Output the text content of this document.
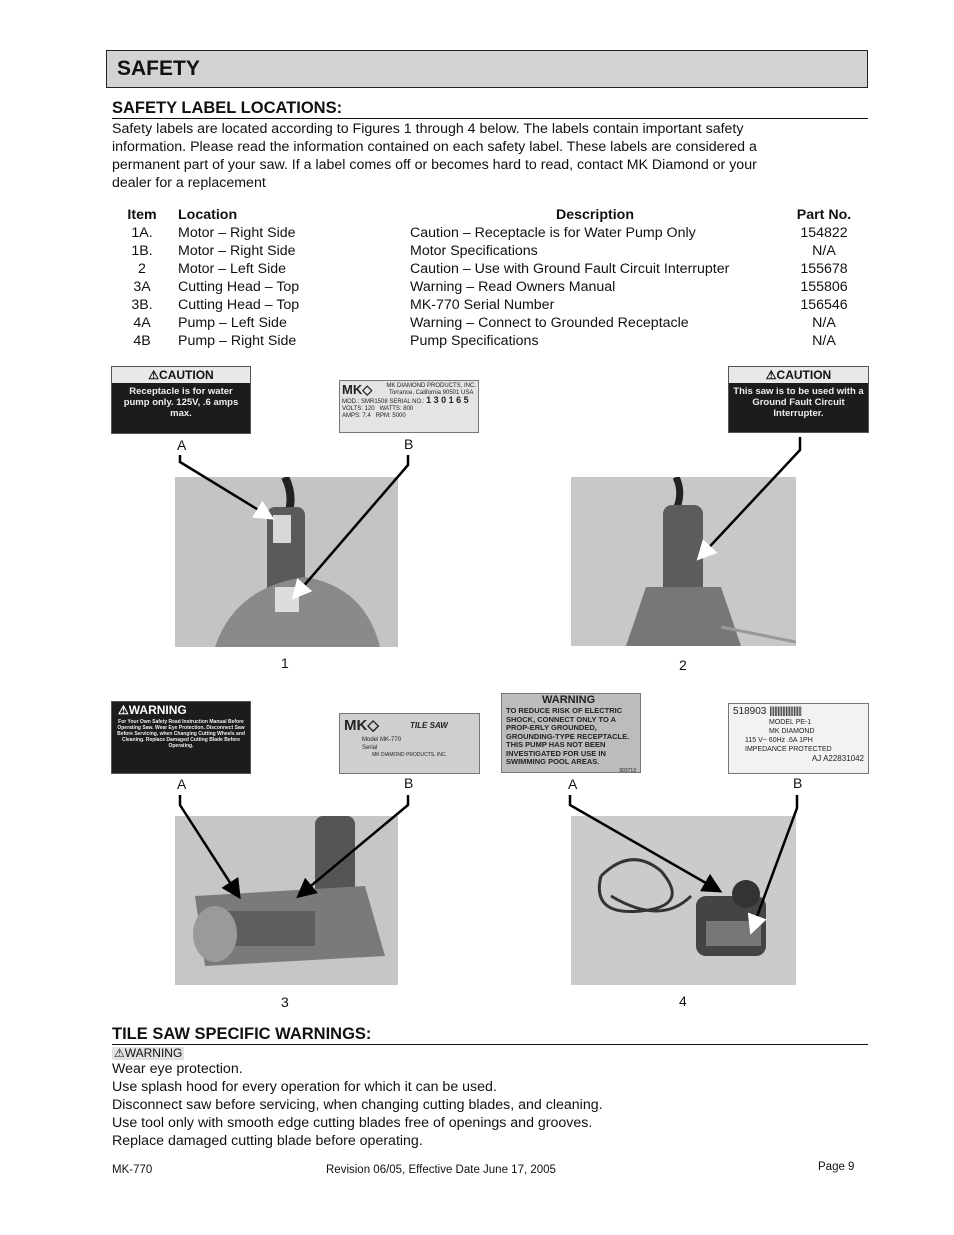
SAFETY
SAFETY LABEL LOCATIONS:
Safety labels are located according to Figures 1 through 4 below. The labels contain important safety
information. Please read the information contained on each safety label. These labels are considered a
permanent part of your saw. If a label comes off or becomes hard to read, contact MK Diamond or your
dealer for a replacement
Item	Location	Description	Part No.
1A.	Motor – Right Side	Caution – Receptacle is for Water Pump Only	154822
1B.	Motor – Right Side	Motor Specifications	N/A
2	Motor – Left Side	Caution – Use with Ground Fault Circuit Interrupter	155678
3A	Cutting Head – Top	Warning – Read Owners Manual	155806
3B.	Cutting Head – Top	MK-770 Serial Number	156546
4A	Pump – Left Side	Warning – Connect to Grounded Receptacle	N/A
4B	Pump – Right Side	Pump Specifications	N/A
⚠CAUTION
Receptacle is for water pump only. 125V, .6 amps max.
MK◇ MK DIAMOND PRODUCTS, INC.
Torrance, California 90501 USA
MOD.: SMR1508 SERIAL NO.: 1 3 0 1 6 5
VOLTS: 120 WATTS: 800
AMPS: 7.4 RPM: 5000
⚠CAUTION
This saw is to be used with a Ground Fault Circuit Interrupter.
A	B
1	2
⚠WARNING
For Your Own Safety Read Instruction Manual Before Operating Saw. Wear Eye Protection. Disconnect Saw Before Servicing, when Changing Cutting Wheels and Cleaning. Replace Damaged Cutting Blade Before Operating.
MK◇	TILE SAW
Model MK-770
Serial
MK DIAMOND PRODUCTS, INC.
WARNING
TO REDUCE RISK OF ELECTRIC SHOCK, CONNECT ONLY TO A PROP-ERLY GROUNDED, GROUNDING-TYPE RECEPTACLE. THIS PUMP HAS NOT BEEN INVESTIGATED FOR USE IN SWIMMING POOL AREAS.
993713
518903 ||||||||||||||||||||
MODEL PE-1
MK DIAMOND
115 V~ 60Hz .6A 1PH
IMPEDANCE PROTECTED
AJ A22831042
A	B	A	B
3	4
TILE SAW SPECIFIC WARNINGS:
⚠WARNING
Wear eye protection.
Use splash hood for every operation for which it can be used.
Disconnect saw before servicing, when changing cutting blades, and cleaning.
Use tool only with smooth edge cutting blades free of openings and grooves.
Replace damaged cutting blade before operating.
MK-770	Revision 06/05, Effective Date June 17, 2005	Page 9
